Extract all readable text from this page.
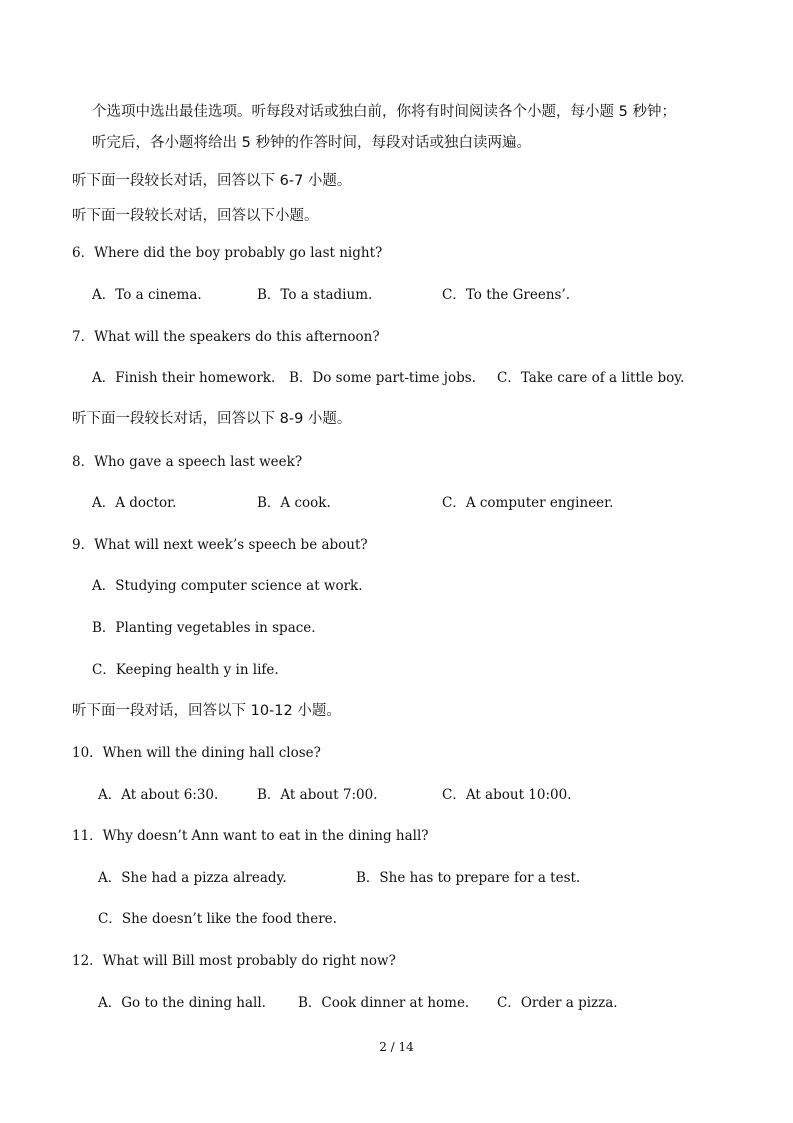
个选项中选出最佳选项。听每段对话或独白前，你将有时间阅读各个小题，每小题 5 秒钟；
听完后，各小题将给出 5 秒钟的作答时间，每段对话或独白读两遍。
听下面一段较长对话，回答以下 6-7 小题。
听下面一段较长对话，回答以下小题。
6．Where did the boy probably go last night?
A．To a cinema.	B．To a stadium.	C．To the Greens’.
7．What will the speakers do this afternoon?
A．Finish their homework. B．Do some part-time jobs. C．Take care of a little boy.
听下面一段较长对话，回答以下 8-9 小题。
8．Who gave a speech last week?
A．A doctor.	B．A cook.	C．A computer engineer.
9．What will next week’s speech be about?
A．Studying computer science at work.
B．Planting vegetables in space.
C．Keeping health y in life.
听下面一段对话，回答以下 10-12 小题。
10．When will the dining hall close?
A．At about 6:30.	B．At about 7:00.	C．At about 10:00.
11．Why doesn’t Ann want to eat in the dining hall?
A．She had a pizza already.	B．She has to prepare for a test.
C．She doesn’t like the food there.
12．What will Bill most probably do right now?
A．Go to the dining hall. B．Cook dinner at home. C．Order a pizza.
2 / 14
